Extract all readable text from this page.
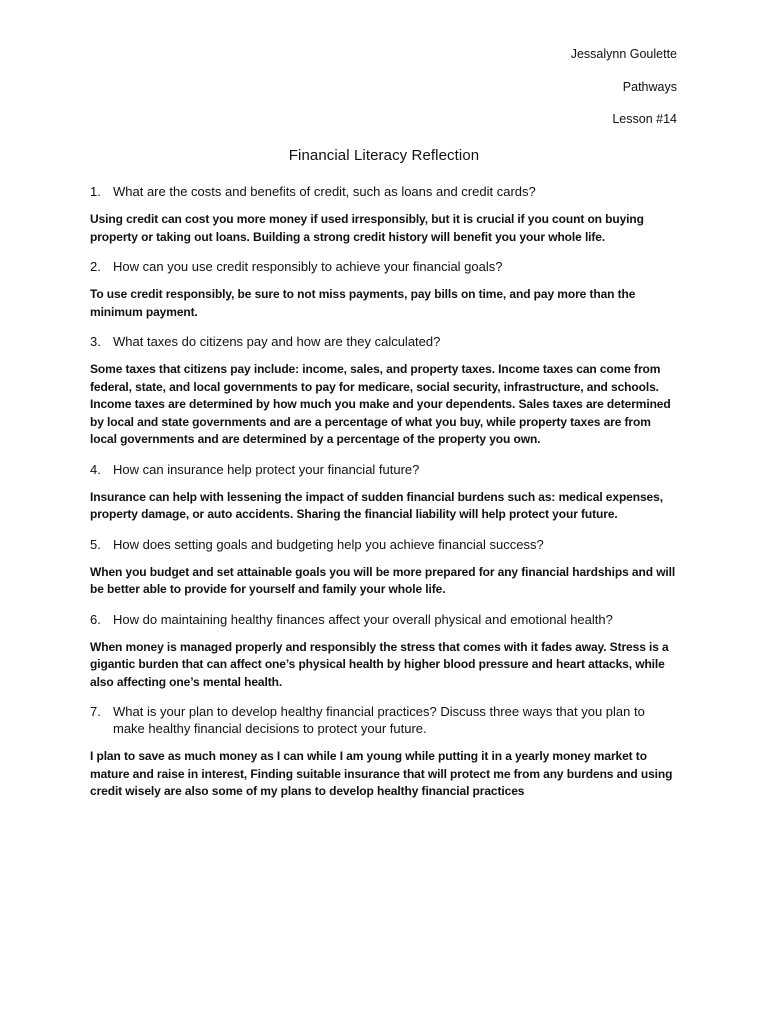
Jessalynn Goulette
Pathways
Lesson #14
Financial Literacy Reflection
1. What are the costs and benefits of credit, such as loans and credit cards?
Using credit can cost you more money if used irresponsibly, but it is crucial if you count on buying property or taking out loans. Building a strong credit history will benefit you your whole life.
2. How can you use credit responsibly to achieve your financial goals?
To use credit responsibly, be sure to not miss payments, pay bills on time, and pay more than the minimum payment.
3. What taxes do citizens pay and how are they calculated?
Some taxes that citizens pay include: income, sales, and property taxes. Income taxes can come from federal, state, and local governments to pay for medicare, social security, infrastructure, and schools. Income taxes are determined by how much you make and your dependents. Sales taxes are determined by local and state governments and are a percentage of what you buy, while property taxes are from local governments and are determined by a percentage of the property you own.
4. How can insurance help protect your financial future?
Insurance can help with lessening the impact of sudden financial burdens such as: medical expenses, property damage, or auto accidents. Sharing the financial liability will help protect your future.
5. How does setting goals and budgeting help you achieve financial success?
When you budget and set attainable goals you will be more prepared for any financial hardships and will be better able to provide for yourself and family your whole life.
6. How do maintaining healthy finances affect your overall physical and emotional health?
When money is managed properly and responsibly the stress that comes with it fades away. Stress is a gigantic burden that can affect one’s physical health by higher blood pressure and heart attacks, while also affecting one’s mental health.
7. What is your plan to develop healthy financial practices? Discuss three ways that you plan to make healthy financial decisions to protect your future.
I plan to save as much money as I can while I am young while putting it in a yearly money market to mature and raise in interest, Finding suitable insurance that will protect me from any burdens and using credit wisely are also some of my plans to develop healthy financial practices
